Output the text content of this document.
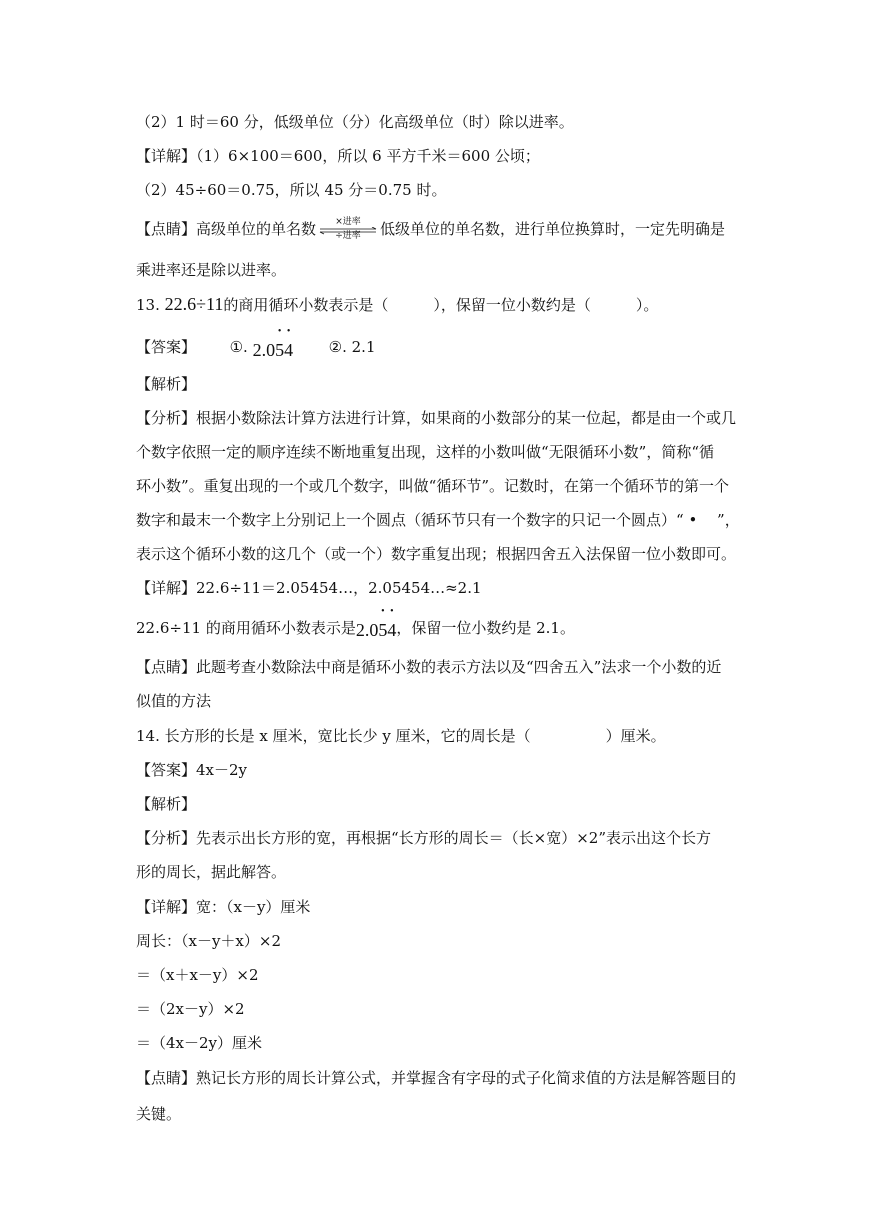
（2）1 时＝60 分，低级单位（分）化高级单位（时）除以进率。
【详解】（1）6×100＝600，所以 6 平方千米＝600 公顷；
（2）45÷60＝0.75，所以 45 分＝0.75 时。
【点睛】高级单位的单名数	×进率
÷进率	低级单位的单名数，进行单位换算时，一定先明确是
乘进率还是除以进率。
13. 22.6÷11的商用循环小数表示是（　　　），保留一位小数约是（　　　）。
【答案】 ①. 2.0• 5• 4 ②. 2.1
【解析】
【分析】根据小数除法计算方法进行计算，如果商的小数部分的某一位起，都是由一个或几
个数字依照一定的顺序连续不断地重复出现，这样的小数叫做“无限循环小数”，简称“循
环小数”。重复出现的一个或几个数字，叫做“循环节”。记数时，在第一个循环节的第一个
数字和最末一个数字上分别记上一个圆点（循环节只有一个数字的只记一个圆点）“ •　 ”，
表示这个循环小数的这几个（或一个）数字重复出现；根据四舍五入法保留一位小数即可。
【详解】22.6÷11＝2.05454…，2.05454…≈2.1
22.6÷11 的商用循环小数表示是2.0• 5• 4，保留一位小数约是 2.1。
【点睛】此题考查小数除法中商是循环小数的表示方法以及“四舍五入”法求一个小数的近
似值的方法
14. 长方形的长是 x 厘米，宽比长少 y 厘米，它的周长是（　　　　　）厘米。
【答案】4x－2y
【解析】
【分析】先表示出长方形的宽，再根据“长方形的周长＝（长×宽）×2”表示出这个长方
形的周长，据此解答。
【详解】宽：（x－y）厘米
周长：（x－y＋x）×2
＝（x＋x－y）×2
＝（2x－y）×2
＝（4x－2y）厘米
【点睛】熟记长方形的周长计算公式，并掌握含有字母的式子化简求值的方法是解答题目的
关键。
